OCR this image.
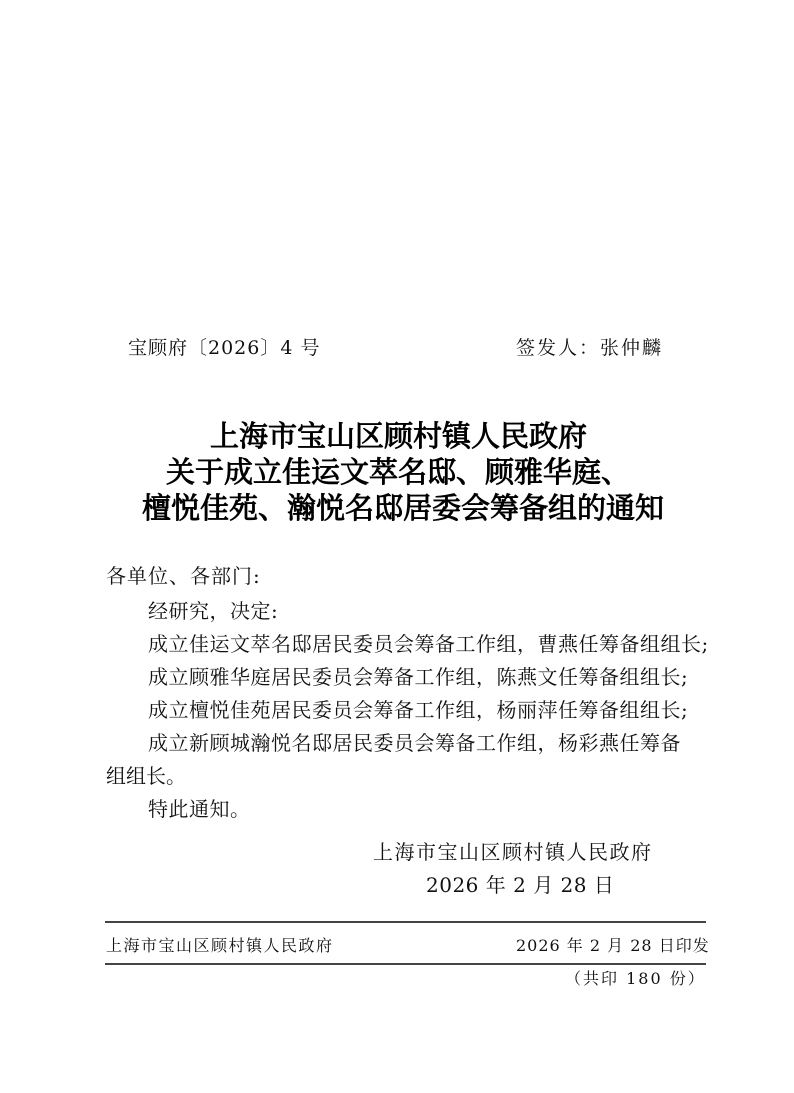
宝顾府〔2026〕4 号	签发人：张仲麟
上海市宝山区顾村镇人民政府
关于成立佳运文萃名邸、顾雅华庭、
檀悦佳苑、瀚悦名邸居委会筹备组的通知
各单位、各部门:
经研究，决定:
成立佳运文萃名邸居民委员会筹备工作组，曹燕任筹备组组长;
成立顾雅华庭居民委员会筹备工作组，陈燕文任筹备组组长;
成立檀悦佳苑居民委员会筹备工作组，杨丽萍任筹备组组长;
成立新顾城瀚悦名邸居民委员会筹备工作组，杨彩燕任筹备
组组长。
特此通知。
上海市宝山区顾村镇人民政府
2026 年 2 月 28 日
上海市宝山区顾村镇人民政府	2026 年 2 月 28 日印发
（共印 180 份）
